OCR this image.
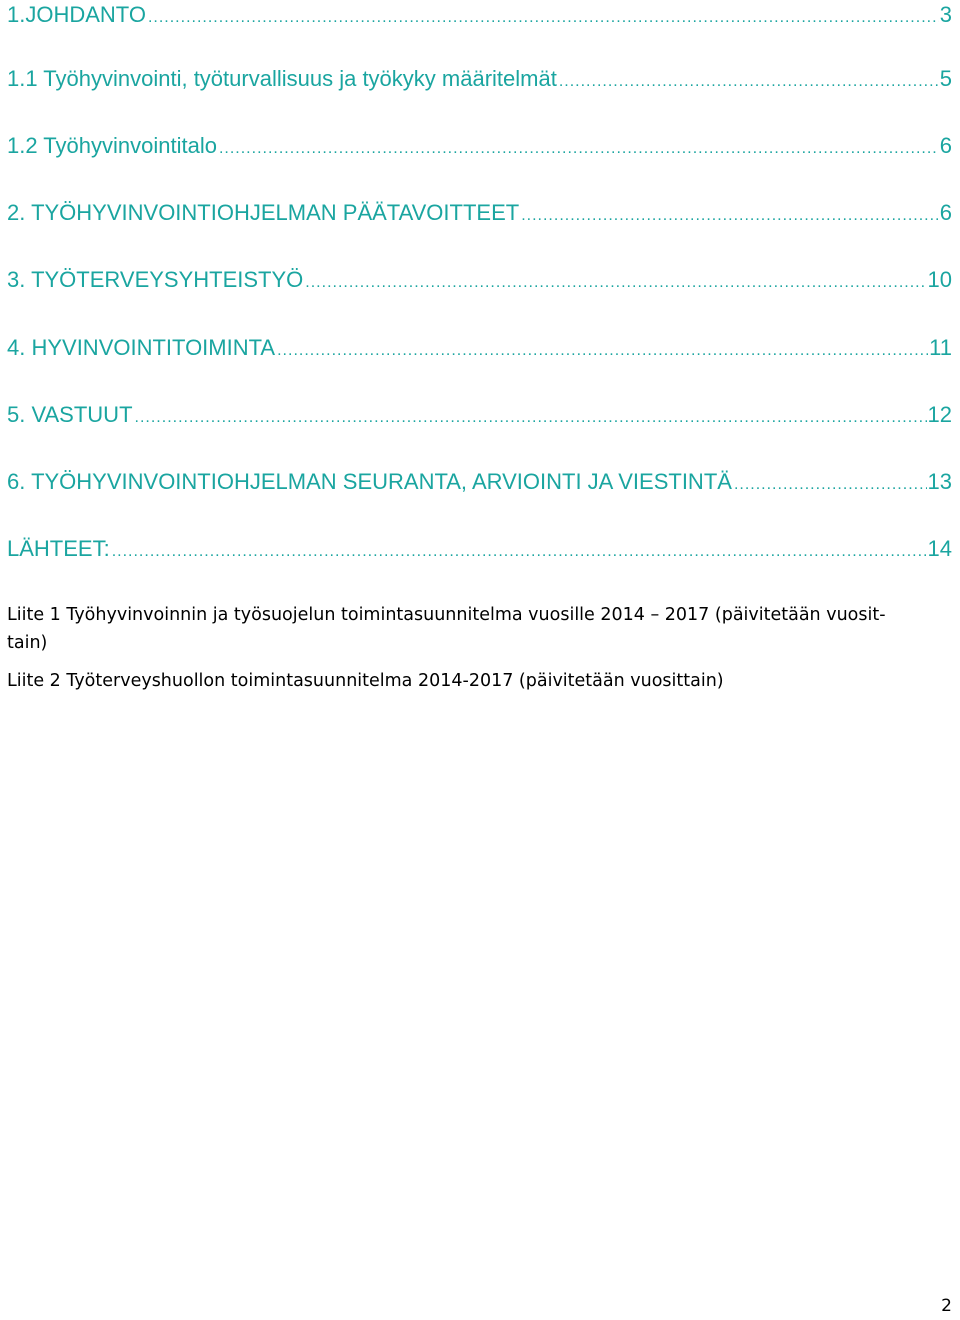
1.JOHDANTO .....	3
1.1 Työhyvinvointi, työturvallisuus ja työkyky määritelmät .....	5
1.2 Työhyvinvointitalo .....	6
2. TYÖHYVINVOINTIOHJELMAN PÄÄTAVOITTEET .....	6
3. TYÖTERVEYSYHTEISTYÖ .....	10
4. HYVINVOINTITOIMINTA .....	11
5. VASTUUT .....	12
6. TYÖHYVINVOINTIOHJELMAN SEURANTA, ARVIOINTI JA VIESTINTÄ .....	13
LÄHTEET: .....	14
Liite 1 Työhyvinvoinnin ja työsuojelun toimintasuunnitelma vuosille 2014 – 2017 (päivitetään vuosit-
tain)
Liite 2 Työterveyshuollon toimintasuunnitelma 2014-2017 (päivitetään vuosittain)
2
